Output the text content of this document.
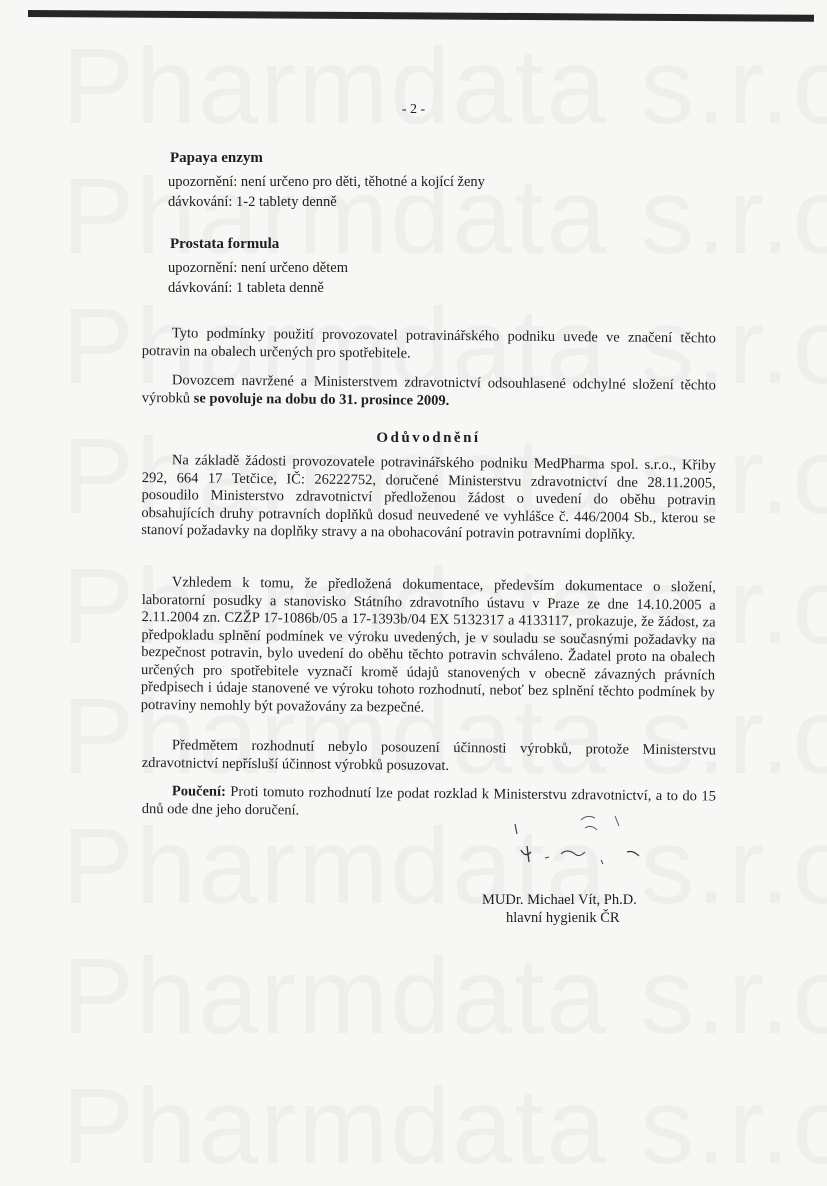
- 2 -
Papaya enzym
upozornění: není určeno pro děti, těhotné a kojící ženy
dávkování: 1-2 tablety denně
Prostata formula
upozornění: není určeno dětem
dávkování: 1 tableta denně
Tyto podmínky použití provozovatel potravinářského podniku uvede ve značení těchto potravin na obalech určených pro spotřebitele.
Dovozcem navržené a Ministerstvem zdravotnictví odsouhlasené odchylné složení těchto výrobků se povoluje na dobu do 31. prosince 2009.
Odůvodnění
Na základě žádosti provozovatele potravinářského podniku MedPharma spol. s.r.o., Křiby 292, 664 17 Tetčice, IČ: 26222752, doručené Ministerstvu zdravotnictví dne 28.11.2005, posoudilo Ministerstvo zdravotnictví předloženou žádost o uvedení do oběhu potravin obsahujících druhy potravních doplňků dosud neuvedené ve vyhlášce č. 446/2004 Sb., kterou se stanoví požadavky na doplňky stravy a na obohacování potravin potravními doplňky.
Vzhledem k tomu, že předložená dokumentace, především dokumentace o složení, laboratorní posudky a stanovisko Státního zdravotního ústavu v Praze ze dne 14.10.2005 a 2.11.2004 zn. CZŽP 17-1086b/05 a 17-1393b/04 EX 5132317 a 4133117, prokazuje, že žádost, za předpokladu splnění podmínek ve výroku uvedených, je v souladu se současnými požadavky na bezpečnost potravin, bylo uvedení do oběhu těchto potravin schváleno. Žadatel proto na obalech určených pro spotřebitele vyznačí kromě údajů stanovených v obecně závazných právních předpisech i údaje stanovené ve výroku tohoto rozhodnutí, neboť bez splnění těchto podmínek by potraviny nemohly být považovány za bezpečné.
Předmětem rozhodnutí nebylo posouzení účinnosti výrobků, protože Ministerstvu zdravotnictví nepřísluší účinnost výrobků posuzovat.
Poučení: Proti tomuto rozhodnutí lze podat rozklad k Ministerstvu zdravotnictví, a to do 15 dnů ode dne jeho doručení.
MUDr. Michael Vít, Ph.D.
hlavní hygienik ČR
